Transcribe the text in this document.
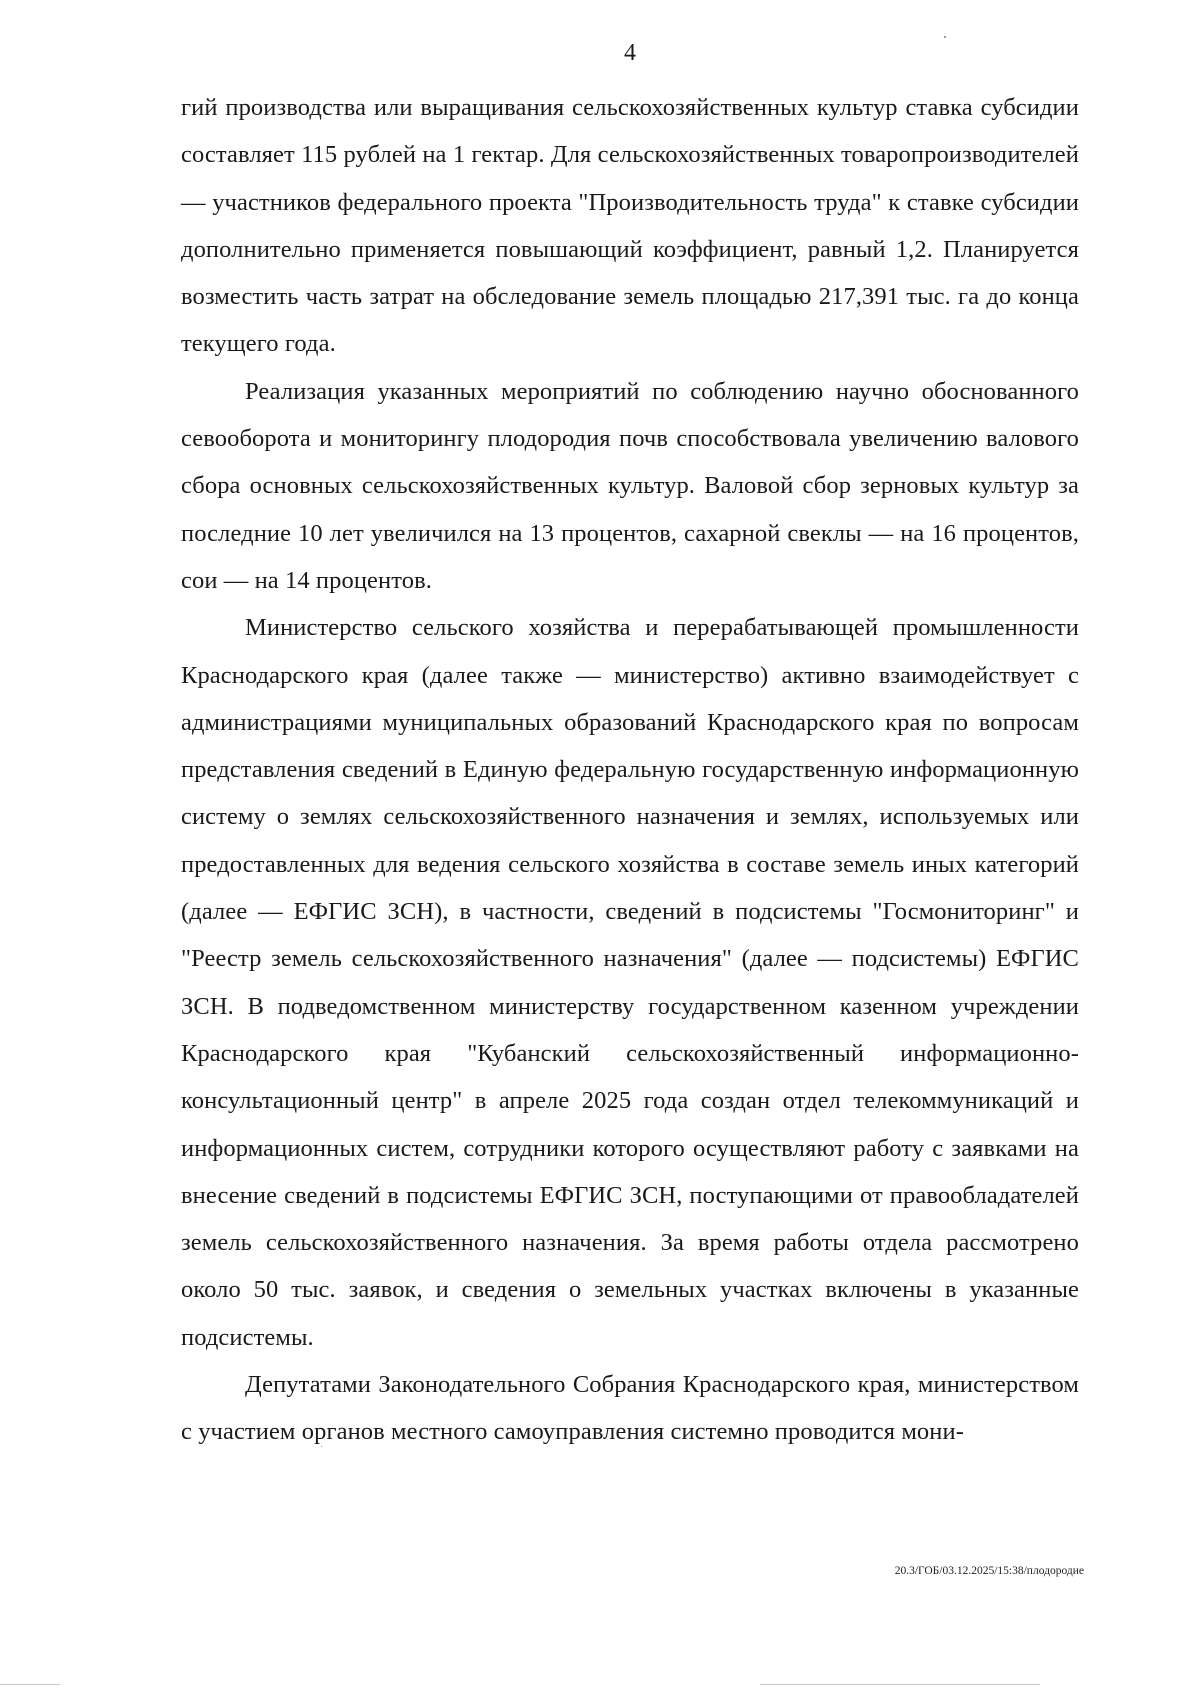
4

гий производства или выращивания сельскохозяйственных культур ставка субсидии составляет 115 рублей на 1 гектар. Для сельскохозяйственных товаропроизводителей — участников федерального проекта "Производительность труда" к ставке субсидии дополнительно применяется повышающий коэффициент, равный 1,2. Планируется возместить часть затрат на обследование земель площадью 217,391 тыс. га до конца текущего года.

Реализация указанных мероприятий по соблюдению научно обоснованного севооборота и мониторингу плодородия почв способствовала увеличению валового сбора основных сельскохозяйственных культур. Валовой сбор зерновых культур за последние 10 лет увеличился на 13 процентов, сахарной свеклы — на 16 процентов, сои — на 14 процентов.

Министерство сельского хозяйства и перерабатывающей промышленности Краснодарского края (далее также — министерство) активно взаимодействует с администрациями муниципальных образований Краснодарского края по вопросам представления сведений в Единую федеральную государственную информационную систему о землях сельскохозяйственного назначения и землях, используемых или предоставленных для ведения сельского хозяйства в составе земель иных категорий (далее — ЕФГИС ЗСН), в частности, сведений в подсистемы "Госмониторинг" и "Реестр земель сельскохозяйственного назначения" (далее — подсистемы) ЕФГИС ЗСН. В подведомственном министерству государственном казенном учреждении Краснодарского края "Кубанский сельскохозяйственный информационно-консультационный центр" в апреле 2025 года создан отдел телекоммуникаций и информационных систем, сотрудники которого осуществляют работу с заявками на внесение сведений в подсистемы ЕФГИС ЗСН, поступающими от правообладателей земель сельскохозяйственного назначения. За время работы отдела рассмотрено около 50 тыс. заявок, и сведения о земельных участках включены в указанные подсистемы.

Депутатами Законодательного Собрания Краснодарского края, министерством с участием органов местного самоуправления системно проводится мони-

20.3/ГОБ/03.12.2025/15:38/плодородие
